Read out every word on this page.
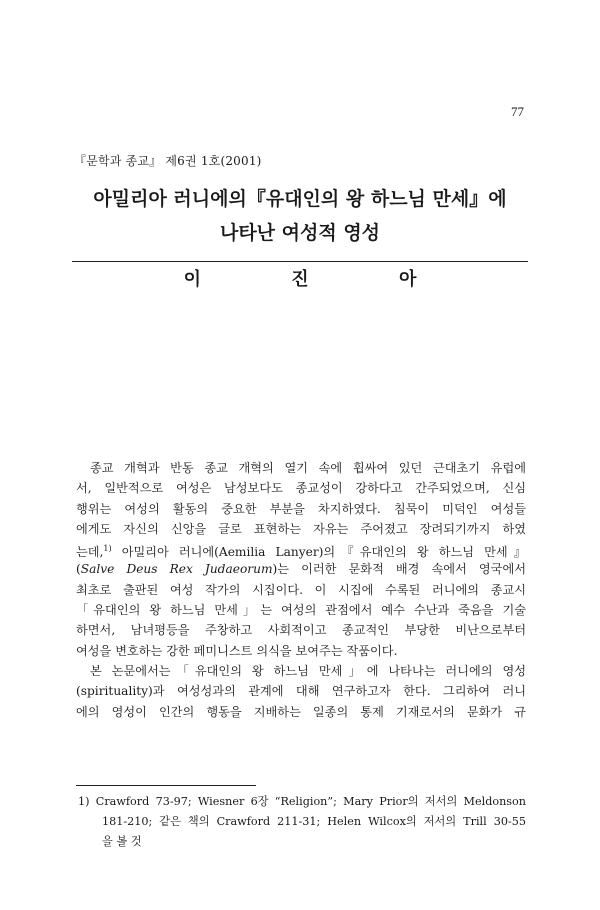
77
『문학과 종교』 제6권 1호(2001)
아밀리아 러니에의『유대인의 왕 하느님 만세』에
나타난 여성적 영성
이 진 아
종교 개혁과 반동 종교 개혁의 열기 속에 휩싸여 있던 근대초기 유럽에
서, 일반적으로 여성은 남성보다도 종교성이 강하다고 간주되었으며, 신심
행위는 여성의 활동의 중요한 부분을 차지하였다. 침묵이 미덕인 여성들
에게도 자신의 신앙을 글로 표현하는 자유는 주어졌고 장려되기까지 하였
는데,$^{1)}$ 아밀리아 러니에(Aemilia Lanyer)의『유대인의 왕 하느님 만세』
(Salve Deus Rex Judaeorum)는 이러한 문화적 배경 속에서 영국에서
최초로 출판된 여성 작가의 시집이다. 이 시집에 수록된 러니에의 종교시
「유대인의 왕 하느님 만세」는 여성의 관점에서 예수 수난과 죽음을 기술
하면서, 남녀평등을 주창하고 사회적이고 종교적인 부당한 비난으로부터
여성을 변호하는 강한 페미니스트 의식을 보여주는 작품이다.
본 논문에서는「유대인의 왕 하느님 만세」에 나타나는 러니에의 영성
(spirituality)과 여성성과의 관계에 대해 연구하고자 한다. 그리하여 러니
에의 영성이 인간의 행동을 지배하는 일종의 통제 기재로서의 문화가 규
1) Crawford 73-97; Wiesner 6장 “Religion”; Mary Prior의 저서의 Meldonson
181-210; 같은 책의 Crawford 211-31; Helen Wilcox의 저서의 Trill 30-55
을 볼 것
